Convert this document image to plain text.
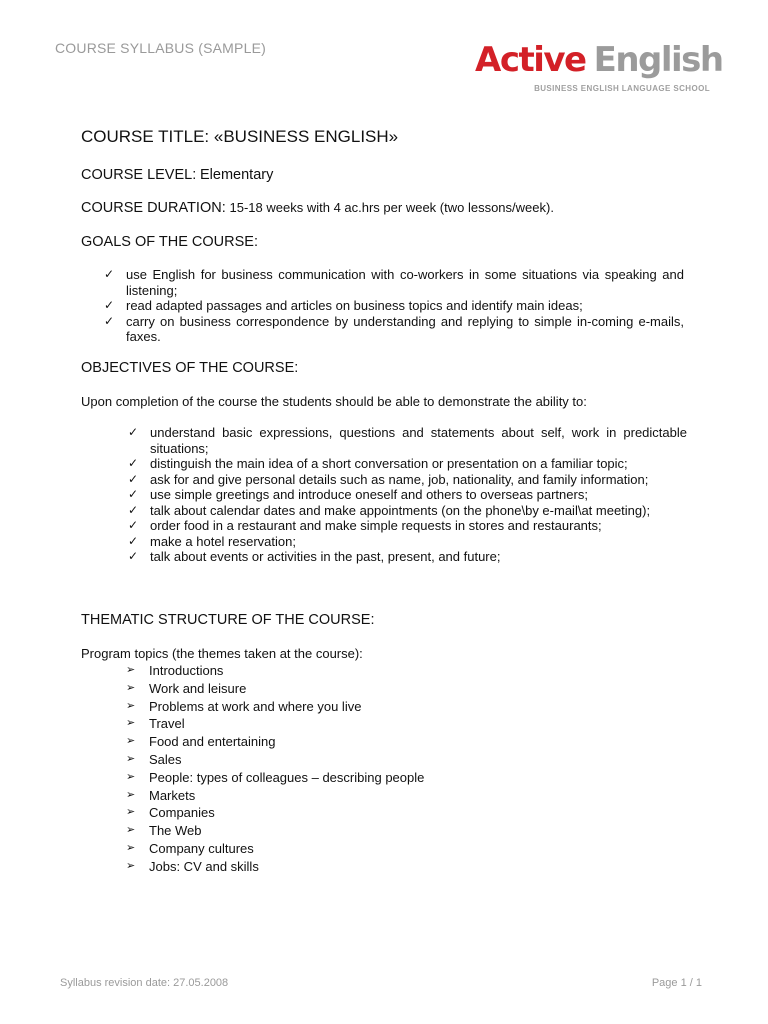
COURSE SYLLABUS (SAMPLE)	Active English
BUSINESS ENGLISH LANGUAGE SCHOOL
COURSE TITLE: «BUSINESS ENGLISH»
COURSE LEVEL: Elementary
COURSE DURATION: 15-18 weeks with 4 ac.hrs per week (two lessons/week).
GOALS OF THE COURSE:
✓ use English for business communication with co-workers in some situations via speaking and listening;
✓ read adapted passages and articles on business topics and identify main ideas;
✓ carry on business correspondence by understanding and replying to simple in-coming e-mails, faxes.
OBJECTIVES OF THE COURSE:
Upon completion of the course the students should be able to demonstrate the ability to:
✓ understand basic expressions, questions and statements about self, work in predictable situations;
✓ distinguish the main idea of a short conversation or presentation on a familiar topic;
✓ ask for and give personal details such as name, job, nationality, and family information;
✓ use simple greetings and introduce oneself and others to overseas partners;
✓ talk about calendar dates and make appointments (on the phone\by e-mail\at meeting);
✓ order food in a restaurant and make simple requests in stores and restaurants;
✓ make a hotel reservation;
✓ talk about events or activities in the past, present, and future;
THEMATIC STRUCTURE OF THE COURSE:
Program topics (the themes taken at the course):
➢ Introductions
➢ Work and leisure
➢ Problems at work and where you live
➢ Travel
➢ Food and entertaining
➢ Sales
➢ People: types of colleagues – describing people
➢ Markets
➢ Companies
➢ The Web
➢ Company cultures
➢ Jobs: CV and skills
Syllabus revision date: 27.05.2008	Page 1 / 1
